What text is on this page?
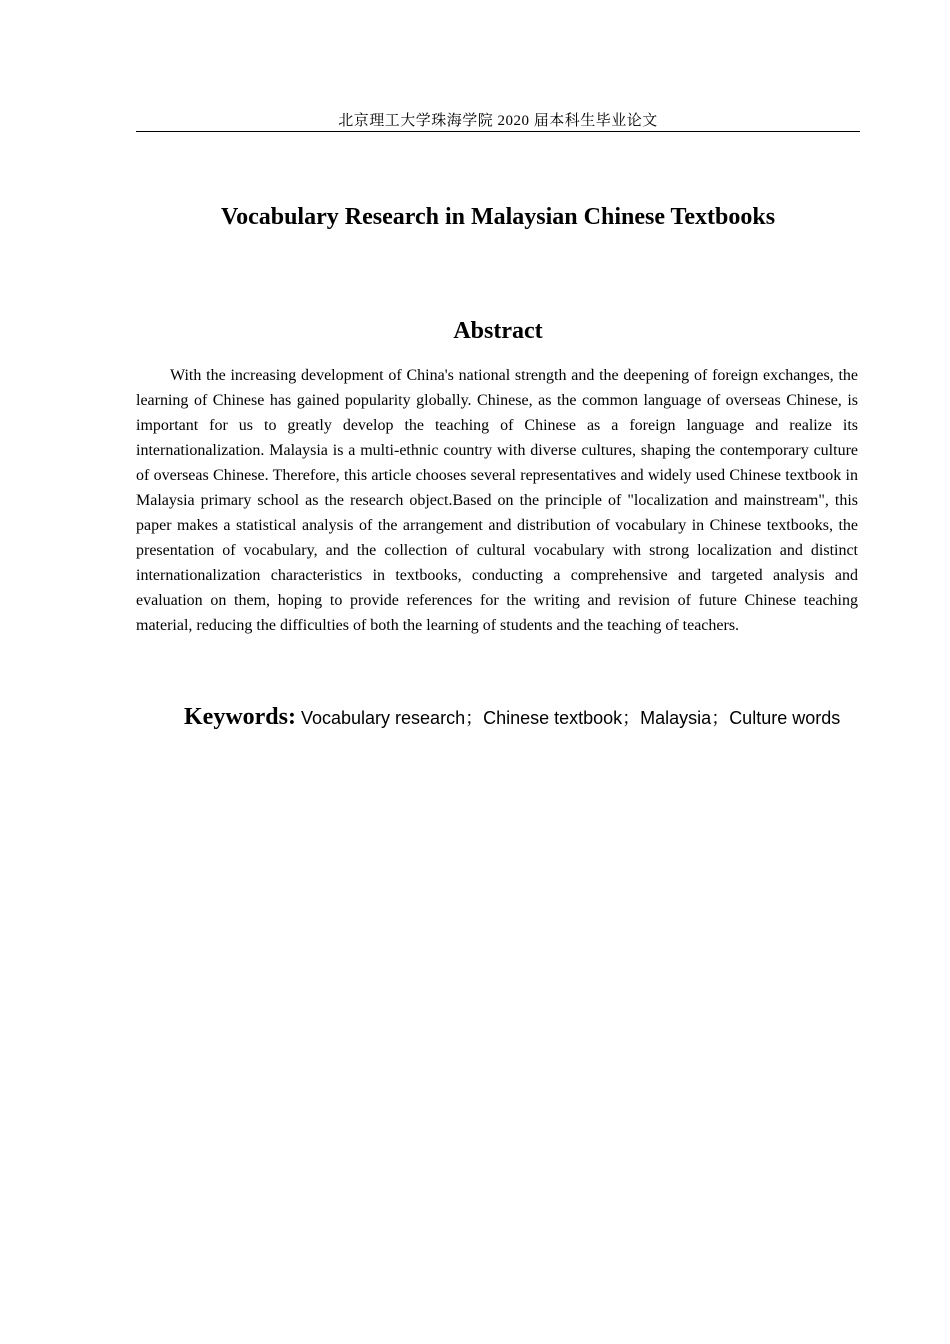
北京理工大学珠海学院 2020 届本科生毕业论文
Vocabulary Research in Malaysian Chinese Textbooks
Abstract

With the increasing development of China's national strength and the deepening of foreign exchanges, the learning of Chinese has gained popularity globally. Chinese, as the common language of overseas Chinese, is important for us to greatly develop the teaching of Chinese as a foreign language and realize its internationalization. Malaysia is a multi-ethnic country with diverse cultures, shaping the contemporary culture of overseas Chinese. Therefore, this article chooses several representatives and widely used Chinese textbook in Malaysia primary school as the research object.Based on the principle of "localization and mainstream", this paper makes a statistical analysis of the arrangement and distribution of vocabulary in Chinese textbooks, the presentation of vocabulary, and the collection of cultural vocabulary with strong localization and distinct internationalization characteristics in textbooks, conducting a comprehensive and targeted analysis and evaluation on them, hoping to provide references for the writing and revision of future Chinese teaching material, reducing the difficulties of both the learning of students and the teaching of teachers.

Keywords: Vocabulary research；Chinese textbook；Malaysia；Culture words
